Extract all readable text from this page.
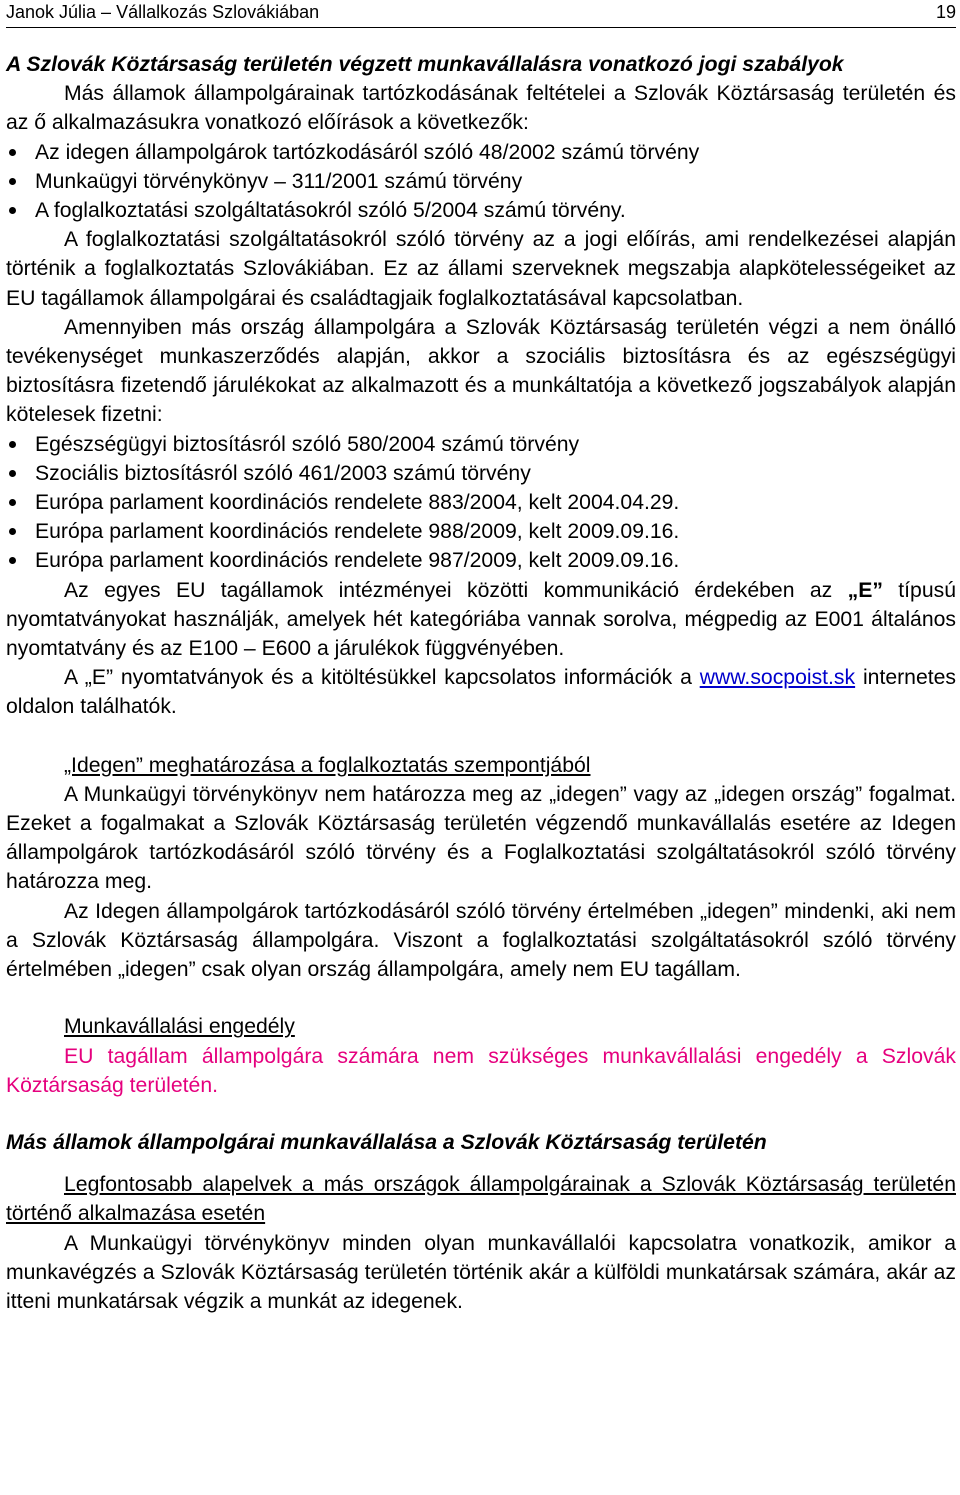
Janok Júlia – Vállalkozás Szlovákiában	19

A Szlovák Köztársaság területén végzett munkavállalásra vonatkozó jogi szabályok

Más államok állampolgárainak tartózkodásának feltételei a Szlovák Köztársaság területén és az ő alkalmazásukra vonatkozó előírások a következők:

Az idegen állampolgárok tartózkodásáról szóló 48/2002 számú törvény
Munkaügyi törvénykönyv – 311/2001 számú törvény
A foglalkoztatási szolgáltatásokról szóló 5/2004 számú törvény.

A foglalkoztatási szolgáltatásokról szóló törvény az a jogi előírás, ami rendelkezései alapján történik a foglalkoztatás Szlovákiában. Ez az állami szerveknek megszabja alapkötelességeiket az EU tagállamok állampolgárai és családtagjaik foglalkoztatásával kapcsolatban.

Amennyiben más ország állampolgára a Szlovák Köztársaság területén végzi a nem önálló tevékenységet munkaszerződés alapján, akkor a szociális biztosításra és az egészségügyi biztosításra fizetendő járulékokat az alkalmazott és a munkáltatója a következő jogszabályok alapján kötelesek fizetni:

Egészségügyi biztosításról szóló 580/2004 számú törvény
Szociális biztosításról szóló 461/2003 számú törvény
Európa parlament koordinációs rendelete 883/2004, kelt 2004.04.29.
Európa parlament koordinációs rendelete 988/2009, kelt 2009.09.16.
Európa parlament koordinációs rendelete 987/2009, kelt 2009.09.16.

Az egyes EU tagállamok intézményei közötti kommunikáció érdekében az „E” típusú nyomtatványokat használják, amelyek hét kategóriába vannak sorolva, mégpedig az E001 általános nyomtatvány és az E100 – E600 a járulékok függvényében.

A „E” nyomtatványok és a kitöltésükkel kapcsolatos információk a www.socpoist.sk internetes oldalon találhatók.

„Idegen” meghatározása a foglalkoztatás szempontjából

A Munkaügyi törvénykönyv nem határozza meg az „idegen” vagy az „idegen ország” fogalmat. Ezeket a fogalmakat a Szlovák Köztársaság területén végzendő munkavállalás esetére az Idegen állampolgárok tartózkodásáról szóló törvény és a Foglalkoztatási szolgáltatásokról szóló törvény határozza meg.

Az Idegen állampolgárok tartózkodásáról szóló törvény értelmében „idegen” mindenki, aki nem a Szlovák Köztársaság állampolgára. Viszont a foglalkoztatási szolgáltatásokról szóló törvény értelmében „idegen” csak olyan ország állampolgára, amely nem EU tagállam.

Munkavállalási engedély

EU tagállam állampolgára számára nem szükséges munkavállalási engedély a Szlovák Köztársaság területén.

Más államok állampolgárai munkavállalása a Szlovák Köztársaság területén

Legfontosabb alapelvek a más országok állampolgárainak a Szlovák Köztársaság területén történő alkalmazása esetén

A Munkaügyi törvénykönyv minden olyan munkavállalói kapcsolatra vonatkozik, amikor a munkavégzés a Szlovák Köztársaság területén történik akár a külföldi munkatársak számára, akár az itteni munkatársak végzik a munkát az idegenek.
